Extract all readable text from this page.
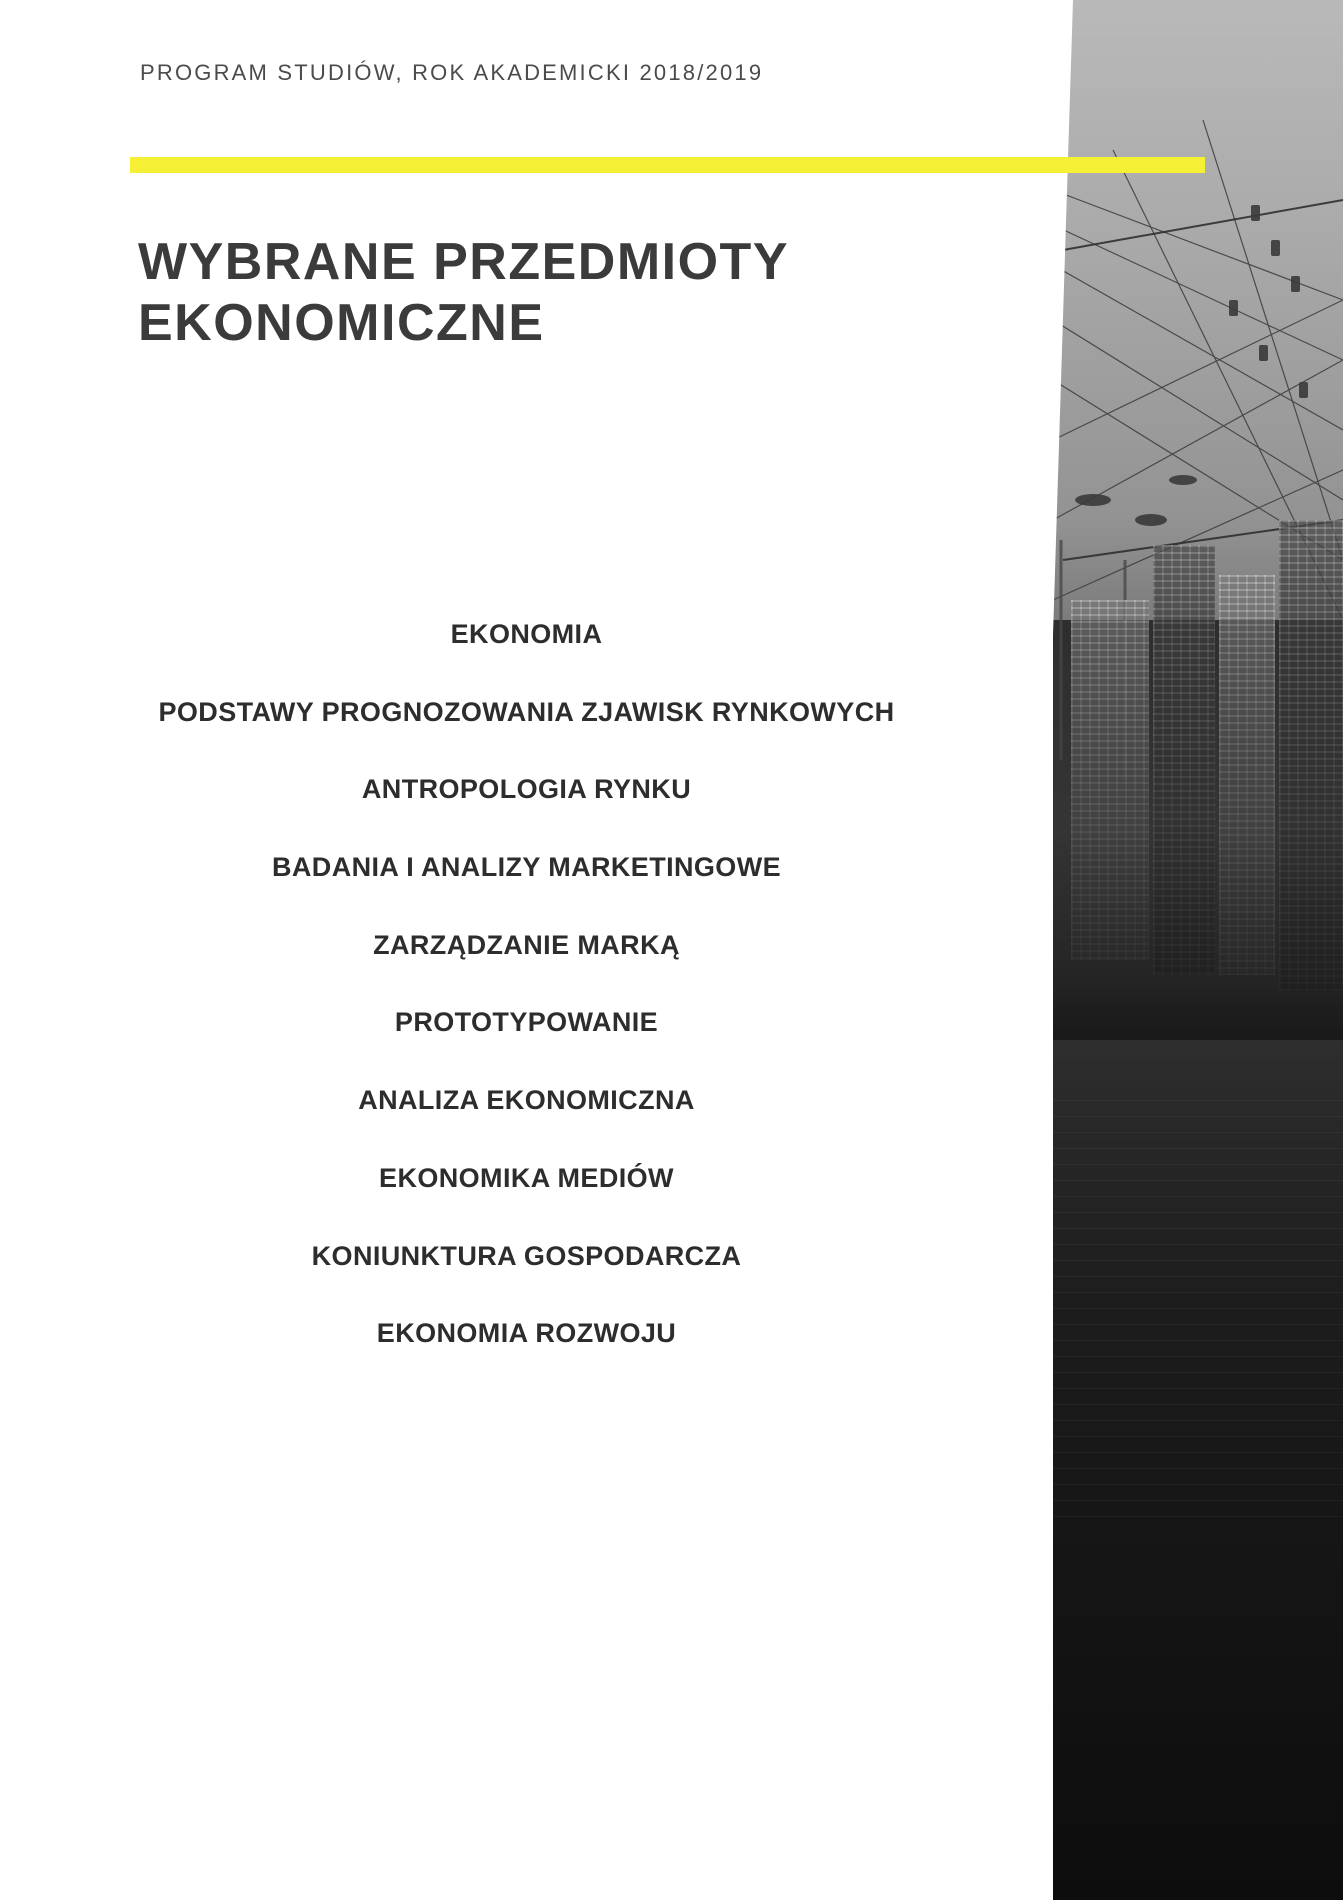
PROGRAM STUDIÓW, ROK AKADEMICKI 2018/2019
WYBRANE PRZEDMIOTY EKONOMICZNE

EKONOMIA

PODSTAWY PROGNOZOWANIA ZJAWISK RYNKOWYCH

ANTROPOLOGIA RYNKU

BADANIA I ANALIZY MARKETINGOWE

ZARZĄDZANIE MARKĄ

PROTOTYPOWANIE

ANALIZA EKONOMICZNA

EKONOMIKA MEDIÓW

KONIUNKTURA GOSPODARCZA

EKONOMIA ROZWOJU
